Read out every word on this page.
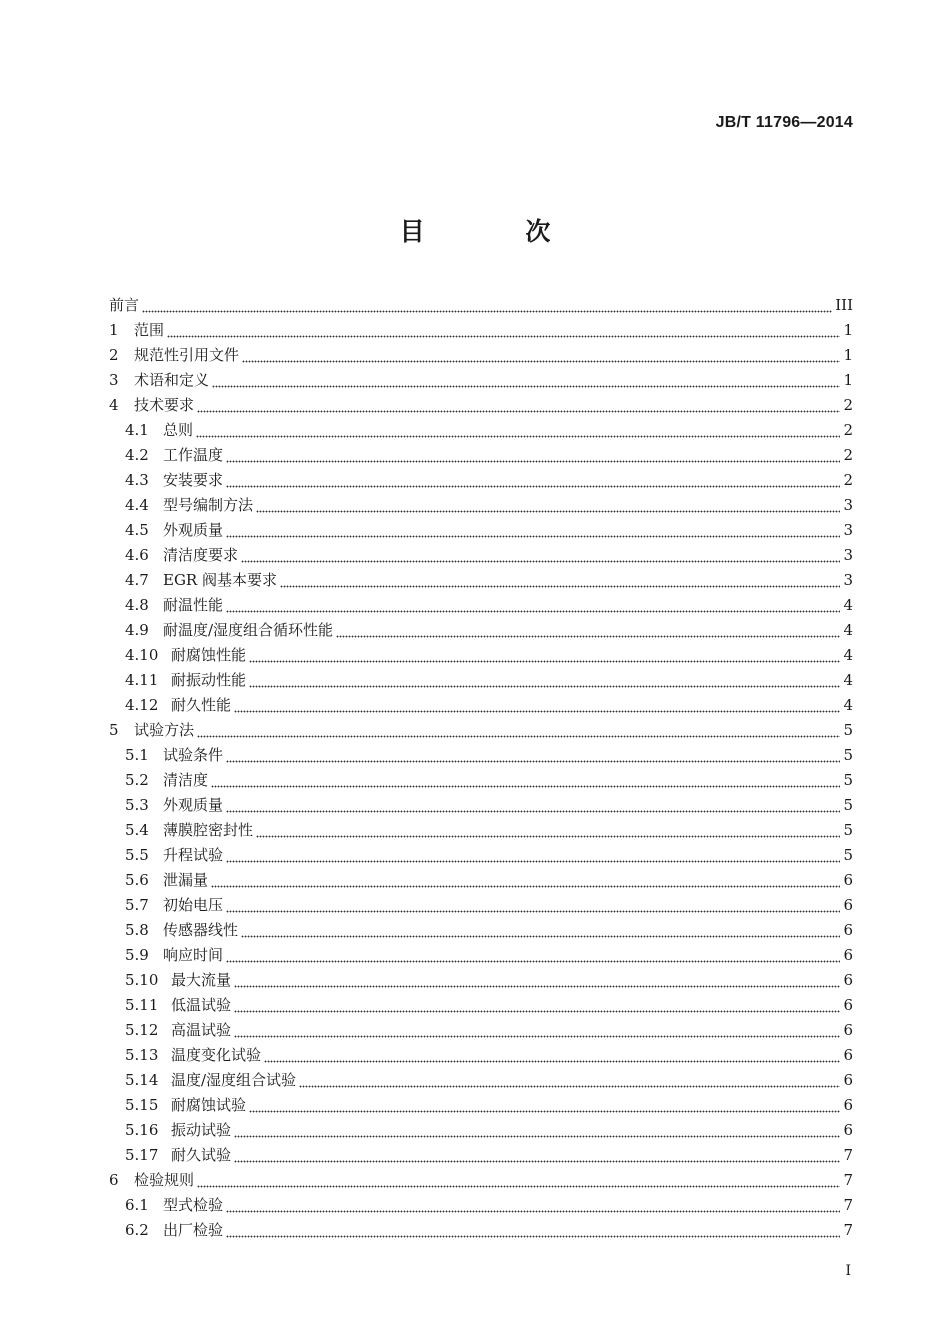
JB/T 11796—2014
目 次
前言	III
1	范围	1
2	规范性引用文件	1
3	术语和定义	1
4	技术要求	2
4.1 总则	2
4.2 工作温度	2
4.3 安装要求	2
4.4 型号编制方法	3
4.5 外观质量	3
4.6 清洁度要求	3
4.7 EGR 阀基本要求	3
4.8 耐温性能	4
4.9 耐温度/湿度组合循环性能	4
4.10 耐腐蚀性能	4
4.11 耐振动性能	4
4.12 耐久性能	4
5	试验方法	5
5.1 试验条件	5
5.2 清洁度	5
5.3 外观质量	5
5.4 薄膜腔密封性	5
5.5 升程试验	5
5.6 泄漏量	6
5.7 初始电压	6
5.8 传感器线性	6
5.9 响应时间	6
5.10 最大流量	6
5.11 低温试验	6
5.12 高温试验	6
5.13 温度变化试验	6
5.14 温度/湿度组合试验	6
5.15 耐腐蚀试验	6
5.16 振动试验	6
5.17 耐久试验	7
6	检验规则	7
6.1 型式检验	7
6.2 出厂检验	7
I
